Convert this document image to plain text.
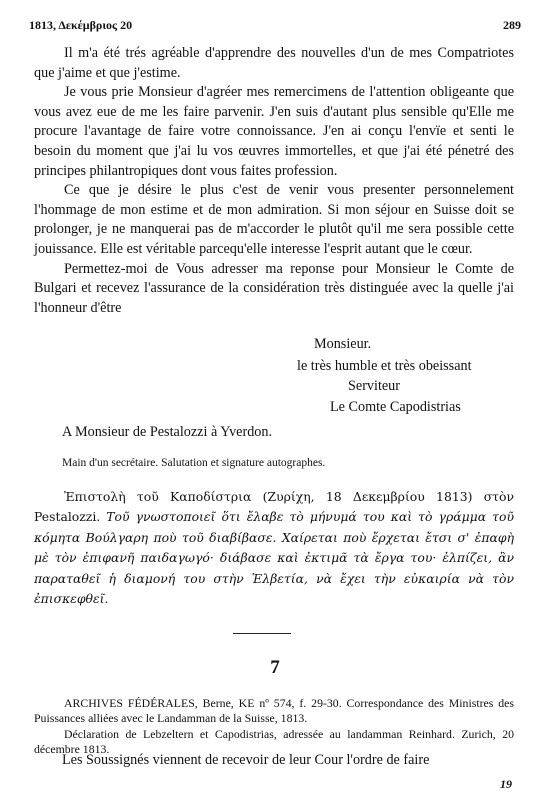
1813, Δεκέμβριος 20	289

Il m'a été trés agréable d'apprendre des nouvelles d'un de mes Compatriotes que j'aime et que j'estime.

Je vous prie Monsieur d'agréer mes remercimens de l'attention obligeante que vous avez eue de me les faire parvenir. J'en suis d'autant plus sensible qu'Elle me procure l'avantage de faire votre connoissance. J'en ai conçu l'envïe et senti le besoin du moment que j'ai lu vos œuvres immortelles, et que j'ai été pénetré des principes philantropiques dont vous faites profession.

Ce que je désire le plus c'est de venir vous presenter personnelement l'hommage de mon estime et de mon admiration. Si mon séjour en Suisse doit se prolonger, je ne manquerai pas de m'accorder le plutôt qu'il me sera possible cette jouissance. Elle est véritable parcequ'elle interesse l'esprit autant que le cœur.

Permettez-moi de Vous adresser ma reponse pour Monsieur le Comte de Bulgari et recevez l'assurance de la considération très distinguée avec la quelle j'ai l'honneur d'être

Monsieur.
le très humble et très obeissant
Serviteur
Le Comte Capodistrias
A Monsieur de Pestalozzi à Yverdon.
Main d'un secrétaire. Salutation et signature autographes.

Ἐπιστολὴ τοῦ Καποδίστρια (Ζυρίχη, 18 Δεκεμβρίου 1813) στὸν Pestalozzi. Τοῦ γνωστοποιεῖ ὅτι ἔλαβε τὸ μήνυμά του καὶ τὸ γράμμα τοῦ κόμητα Βούλγαρη ποὺ τοῦ διαβίβασε. Χαίρεται ποὺ ἔρχεται ἔτσι σ' ἐπαφὴ μὲ τὸν ἐπιφανῆ παιδαγωγό· διάβασε καὶ ἐκτιμᾶ τὰ ἔργα του· ἐλπίζει, ἂν παραταθεῖ ἡ διαμονή του στὴν Ἑλβετία, νὰ ἔχει τὴν εὐκαιρία νὰ τὸν ἐπισκεφθεῖ.

7

ARCHIVES FÉDÉRALES, Berne, KE nº 574, f. 29-30. Correspondance des Ministres des Puissances alliées avec le Landamman de la Suisse, 1813.

Déclaration de Lebzeltern et Capodistrias, adressée au landamman Reinhard. Zurich, 20 décembre 1813.

Les Soussignés viennent de recevoir de leur Cour l'ordre de faire
19
